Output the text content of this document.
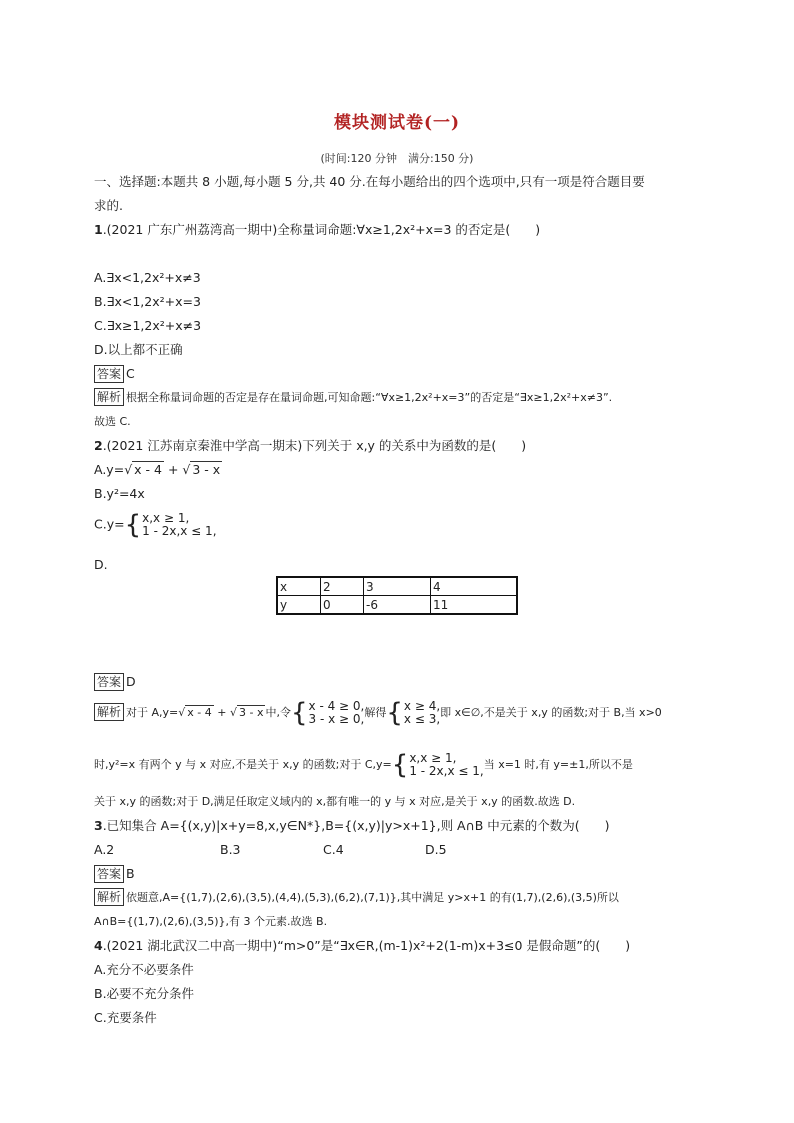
模块测试卷(一)
(时间:120 分钟　满分:150 分)
一、选择题:本题共 8 小题,每小题 5 分,共 40 分.在每小题给出的四个选项中,只有一项是符合题目要
求的.
1.(2021 广东广州荔湾高一期中)全称量词命题:∀x≥1,2x²+x=3 的否定是(　　)
A.∃x<1,2x²+x≠3
B.∃x<1,2x²+x=3
C.∃x≥1,2x²+x≠3
D.以上都不正确
答案 C
解析 根据全称量词命题的否定是存在量词命题,可知命题:“∀x≥1,2x²+x=3”的否定是“∃x≥1,2x²+x≠3”.
故选 C.
2.(2021 江苏南京秦淮中学高一期末)下列关于 x,y 的关系中为函数的是(　　)
A.y=√ x - 4 + √ 3 - x
B.y²=4x
C.y={x,x ≥ 1,
1 - 2x,x ≤ 1,
D.
x	2	3	4
y	0	-6	11
答案 D
解析 对于 A,y=√ x - 4 + √ 3 - x 中,令{x - 4 ≥ 0,
3 - x ≥ 0,解得{x ≥ 4,
x ≤ 3,即 x∈∅,不是关于 x,y 的函数;对于 B,当 x>0
时,y²=x 有两个 y 与 x 对应,不是关于 x,y 的函数;对于 C,y={x,x ≥ 1,
1 - 2x,x ≤ 1,当 x=1 时,有 y=±1,所以不是
关于 x,y 的函数;对于 D,满足任取定义域内的 x,都有唯一的 y 与 x 对应,是关于 x,y 的函数.故选 D.
3.已知集合 A={(x,y)|x+y=8,x,y∈N*},B={(x,y)|y>x+1},则 A∩B 中元素的个数为(　　)
A.2	B.3	C.4	D.5
答案 B
解析 依题意,A={(1,7),(2,6),(3,5),(4,4),(5,3),(6,2),(7,1)},其中满足 y>x+1 的有(1,7),(2,6),(3,5)所以
A∩B={(1,7),(2,6),(3,5)},有 3 个元素.故选 B.
4.(2021 湖北武汉二中高一期中)“m>0”是“∃x∈R,(m-1)x²+2(1-m)x+3≤0 是假命题”的(　　)
A.充分不必要条件
B.必要不充分条件
C.充要条件
